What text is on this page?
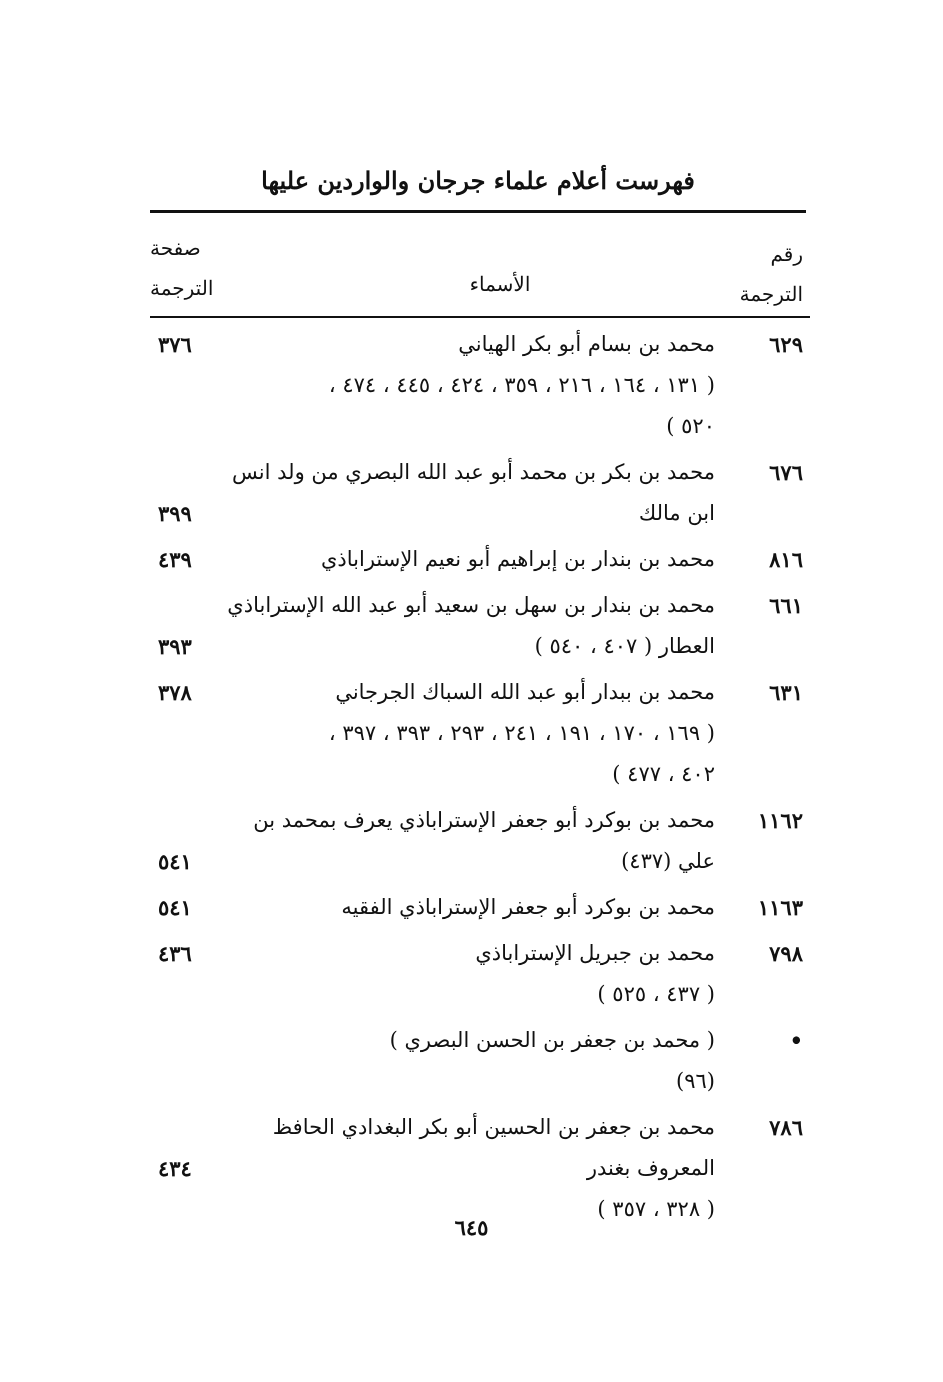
فهرست أعلام علماء جرجان والواردين عليها
رقم
الترجمة
الأسماء
صفحة
الترجمة
٦٢٩
محمد بن بسام أبو بكر الهياني
٣٧٦
( ١٣١ ، ١٦٤ ، ٢١٦ ، ٣٥٩ ، ٤٢٤ ، ٤٤٥ ، ٤٧٤ ،
٥٢٠ )
٦٧٦
محمد بن بكر بن محمد أبو عبد الله البصري من ولد انس
ابن مالك
٣٩٩
٨١٦
محمد بن بندار بن إبراهيم أبو نعيم الإستراباذي
٤٣٩
٦٦١
محمد بن بندار بن سهل بن سعيد أبو عبد الله الإستراباذي
العطار ( ٤٠٧ ، ٥٤٠ )
٣٩٣
٦٣١
محمد بن ببدار أبو عبد الله السباك الجرجاني
٣٧٨
( ١٦٩ ، ١٧٠ ، ١٩١ ، ٢٤١ ، ٢٩٣ ، ٣٩٣ ، ٣٩٧ ،
٤٠٢ ، ٤٧٧ )
١١٦٢
محمد بن بوكرد أبو جعفر الإستراباذي يعرف بمحمد بن
علي (٤٣٧)
٥٤١
١١٦٣
محمد بن بوكرد أبو جعفر الإستراباذي الفقيه
٥٤١
٧٩٨
محمد بن جبريل الإستراباذي
٤٣٦
( ٤٣٧ ، ٥٢٥ )
•
( محمد بن جعفر بن الحسن البصري )
(٩٦)
٧٨٦
محمد بن جعفر بن الحسين أبو بكر البغدادي الحافظ
المعروف بغندر
٤٣٤
( ٣٢٨ ، ٣٥٧ )
٦٤٥
